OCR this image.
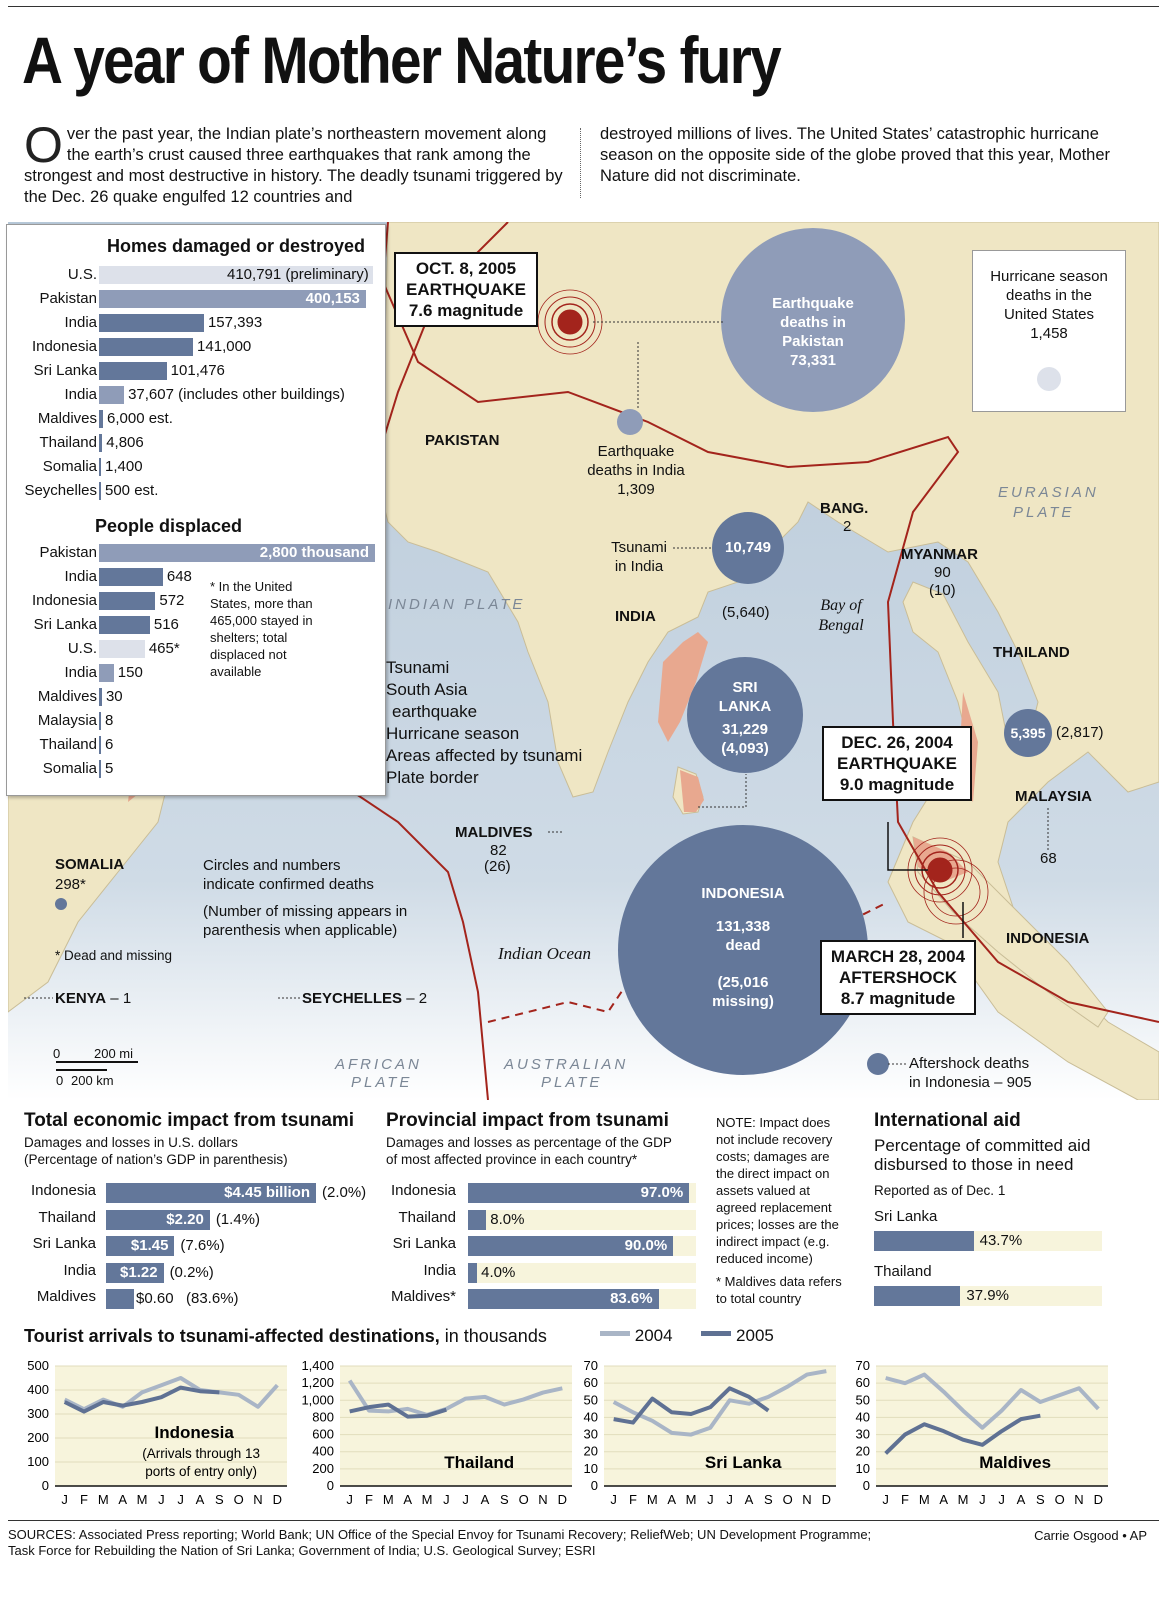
A year of Mother Nature’s fury
Over the past year, the Indian plate’s northeastern movement along the earth’s crust caused three earthquakes that rank among the strongest and most destructive in history. The deadly tsunami triggered by the Dec. 26 quake engulfed 12 countries and
destroyed millions of lives. The United States’ catastrophic hurricane season on the opposite side of the globe proved that this year, Mother Nature did not discriminate.
PAKISTAN
INDIA
BANG.
2
MYANMAR
90
(10)
THAILAND
MALAYSIA
68
INDONESIA
SOMALIA
298*
* Dead and missing
MALDIVES
82
(26)
KENYA – 1	SEYCHELLES – 2
Bay of Bengal
Indian Ocean
INDIAN PLATE
EURASIAN
PLATE
AFRICAN
PLATE
AUSTRALIAN
PLATE
Earthquake
deaths in
Pakistan
73,331
Earthquake
deaths in India
1,309
Tsunami
in India
10,749
(5,640)
SRI
LANKA
31,229
(4,093)
5,395 (2,817)
INDONESIA
131,338
dead
(25,016
missing)
Aftershock deaths
in Indonesia – 905
OCT. 8, 2005
EARTHQUAKE
7.6 magnitude
DEC. 26, 2004
EARTHQUAKE
9.0 magnitude
MARCH 28, 2004
AFTERSHOCK
8.7 magnitude
Circles and numbers
indicate confirmed deaths
(Number of missing appears in
parenthesis when applicable)
0	200 mi
0 200 km
Hurricane season
deaths in the
United States
1,458
Tsunami
South Asia
earthquake
Hurricane season
Areas affected by tsunami
Plate border
Homes damaged or destroyed
U.S.	410,791 (preliminary)
Pakistan	400,153
India	157,393
Indonesia	141,000
Sri Lanka	101,476
India 37,607 (includes other buildings)
Maldives 6,000 est.
Thailand 4,806
Somalia 1,400
Seychelles 500 est.
People displaced
Pakistan	2,800 thousand
India	648
Indonesia	572
Sri Lanka	516
U.S.	465*
India 150
Maldives 30
Malaysia 8
Thailand 6
Somalia 5
* In the United States, more than 465,000 stayed in shelters; total displaced not available
Total economic impact from tsunami
Damages and losses in U.S. dollars
(Percentage of nation’s GDP in parenthesis)
Indonesia	$4.45 billion (2.0%)
Thailand	$2.20 (1.4%)
Sri Lanka $1.45 (7.6%)
India $1.22 (0.2%)
Maldives	$0.60 (83.6%)
Provincial impact from tsunami
Damages and losses as percentage of the GDP
of most affected province in each country*
Indonesia	97.0%
Thailand 8.0%
Sri Lanka	90.0%
India 4.0%
Maldives*	83.6%
NOTE: Impact does not include recovery costs; damages are the direct impact on assets valued at agreed replacement prices; losses are the indirect impact (e.g. reduced income)
* Maldives data refers to total country
International aid
Percentage of committed aid
disbursed to those in need
Reported as of Dec. 1
Sri Lanka
43.7%
Thailand
37.9%
Tourist arrivals to tsunami-affected destinations, in thousands	2004	2005
0
100
200
300
400
500
J F M A M J J A S O N D
Indonesia
(Arrivals through 13
ports of entry only)
0
200
400
600
800
1,000
1,200
1,400
J F M A M J J A S O N D
Thailand
0
10
20
30
40
50
60
70
J F M A M J J A S O N D
Sri Lanka
0
10
20
30
40
50
60
70
J F M A M J J A S O N D
Maldives
SOURCES: Associated Press reporting; World Bank; UN Office of the Special Envoy for Tsunami Recovery; ReliefWeb; UN Development Programme;
Task Force for Rebuilding the Nation of Sri Lanka; Government of India; U.S. Geological Survey; ESRI
Carrie Osgood • AP
